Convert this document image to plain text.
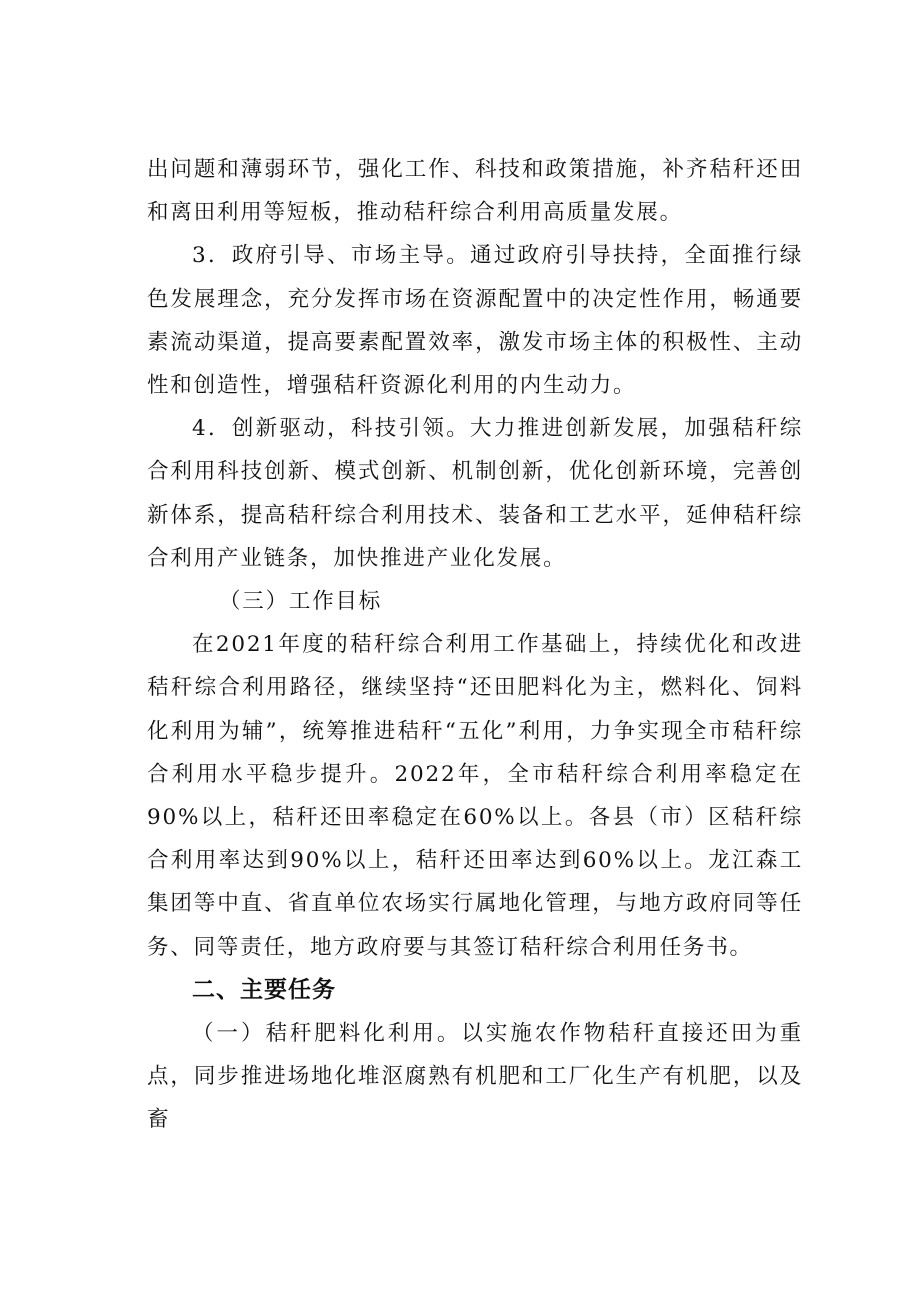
出问题和薄弱环节，强化工作、科技和政策措施，补齐秸秆还田和离田利用等短板，推动秸秆综合利用高质量发展。

3．政府引导、市场主导。通过政府引导扶持，全面推行绿色发展理念，充分发挥市场在资源配置中的决定性作用，畅通要素流动渠道，提高要素配置效率，激发市场主体的积极性、主动性和创造性，增强秸秆资源化利用的内生动力。

4．创新驱动，科技引领。大力推进创新发展，加强秸秆综合利用科技创新、模式创新、机制创新，优化创新环境，完善创新体系，提高秸秆综合利用技术、装备和工艺水平，延伸秸秆综合利用产业链条，加快推进产业化发展。

（三）工作目标

在2021年度的秸秆综合利用工作基础上，持续优化和改进秸秆综合利用路径，继续坚持“还田肥料化为主，燃料化、饲料化利用为辅”，统筹推进秸秆“五化”利用，力争实现全市秸秆综合利用水平稳步提升。2022年，全市秸秆综合利用率稳定在90%以上，秸秆还田率稳定在60%以上。各县（市）区秸秆综合利用率达到90%以上，秸秆还田率达到60%以上。龙江森工集团等中直、省直单位农场实行属地化管理，与地方政府同等任务、同等责任，地方政府要与其签订秸秆综合利用任务书。

二、主要任务

（一）秸秆肥料化利用。以实施农作物秸秆直接还田为重点，同步推进场地化堆沤腐熟有机肥和工厂化生产有机肥，以及畜
